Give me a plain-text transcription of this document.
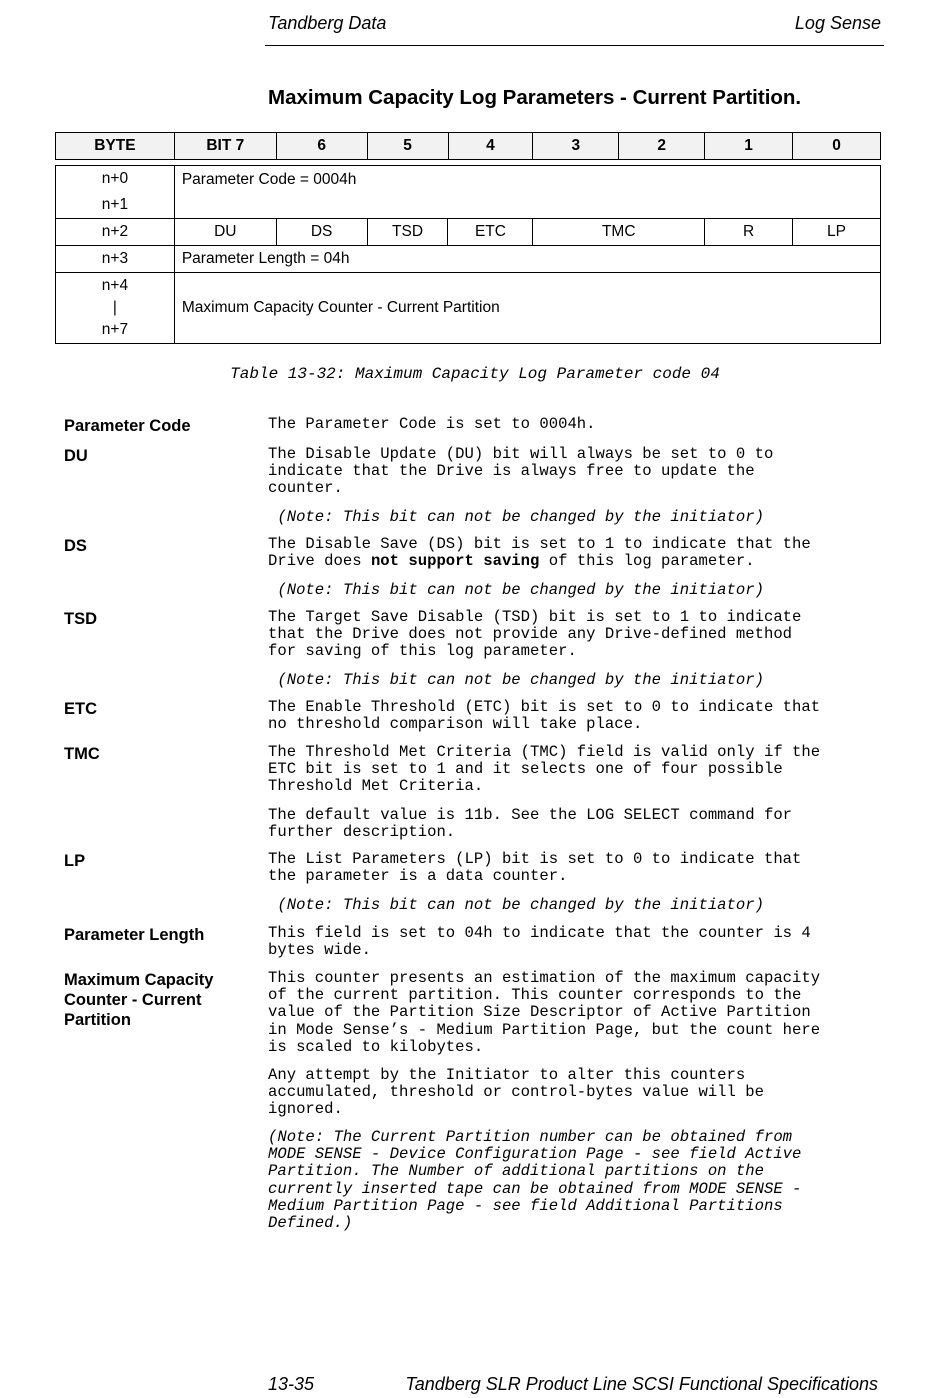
Tandberg Data	Log Sense
Maximum Capacity Log Parameters - Current Partition.
BYTE	BIT 7	6	5	4	3	2	1	0
n+0
n+1	Parameter Code = 0004h						
n+2	DU	DS	TSD	ETC	TMC	R	LP
n+3	Parameter Length = 04h						

n+4
|
n+7	Maximum Capacity Counter - Current Partition						
Table 13-32: Maximum Capacity Log Parameter code 04
Parameter Code	The Parameter Code is set to 0004h.
DU	The Disable Update (DU) bit will always be set to 0 to
indicate that the Drive is always free to update the
counter.
(Note: This bit can not be changed by the initiator)
DS	The Disable Save (DS) bit is set to 1 to indicate that the
Drive does not support saving of this log parameter.
(Note: This bit can not be changed by the initiator)
TSD	The Target Save Disable (TSD) bit is set to 1 to indicate
that the Drive does not provide any Drive-defined method
for saving of this log parameter.
(Note: This bit can not be changed by the initiator)
ETC	The Enable Threshold (ETC) bit is set to 0 to indicate that
no threshold comparison will take place.
TMC	The Threshold Met Criteria (TMC) field is valid only if the
ETC bit is set to 1 and it selects one of four possible
Threshold Met Criteria.
The default value is 11b. See the LOG SELECT command for
further description.
LP	The List Parameters (LP) bit is set to 0 to indicate that
the parameter is a data counter.
(Note: This bit can not be changed by the initiator)
Parameter Length	This field is set to 04h to indicate that the counter is 4
bytes wide.
Maximum Capacity Counter - Current Partition
This counter presents an estimation of the maximum capacity
of the current partition. This counter corresponds to the
value of the Partition Size Descriptor of Active Partition
in Mode Sense’s - Medium Partition Page, but the count here
is scaled to kilobytes.
Any attempt by the Initiator to alter this counters
accumulated, threshold or control-bytes value will be
ignored.
(Note: The Current Partition number can be obtained from
MODE SENSE - Device Configuration Page - see field Active
Partition. The Number of additional partitions on the
currently inserted tape can be obtained from MODE SENSE -
Medium Partition Page - see field Additional Partitions
Defined.)
13-35	Tandberg SLR Product Line SCSI Functional Specifications
